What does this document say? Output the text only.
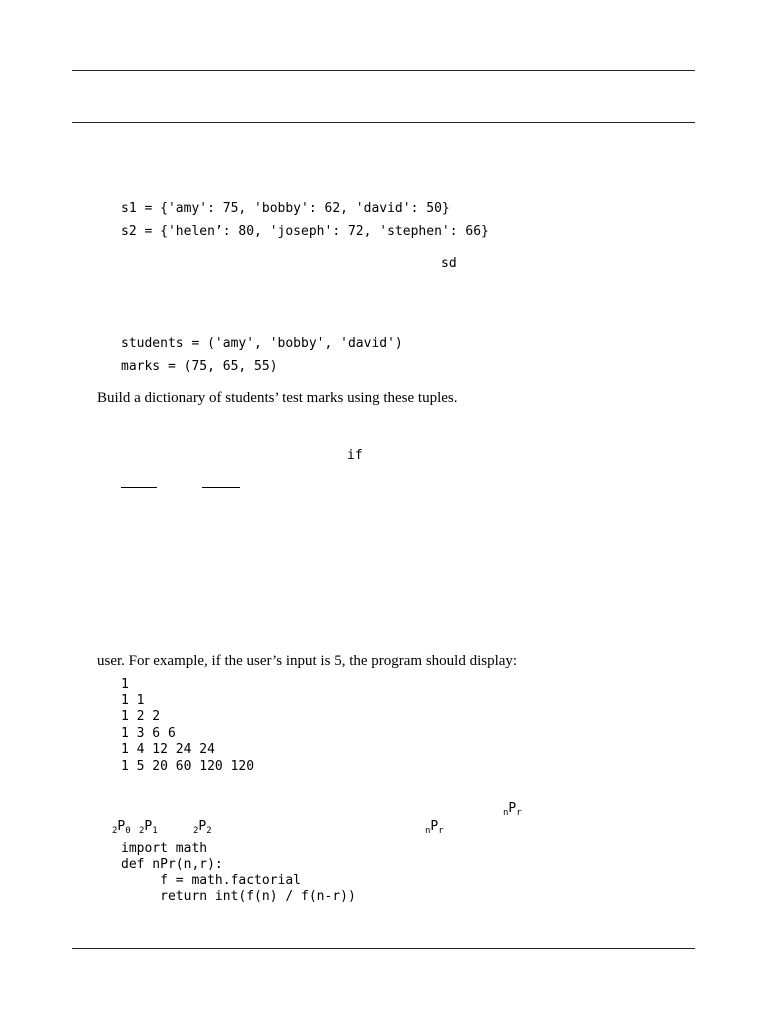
s1 = {'amy': 75, 'bobby': 62, 'david': 50}
s2 = {'helen’: 80, 'joseph': 72, 'stephen': 66}
sd
students = ('amy', 'bobby', 'david')
marks = (75, 65, 55)
Build a dictionary of students’ test marks using these tuples.
if
user. For example, if the user’s input is 5, the program should display:
1
1 1
1 2 2
1 3 6 6
1 4 12 24 24
1 5 20 60 120 120
$_nP_r$
$_2P_0$ $_2P_1$	$_2P_2$	$_nP_r$
import math
def nPr(n,r):
f = math.factorial
return int(f(n) / f(n-r))
